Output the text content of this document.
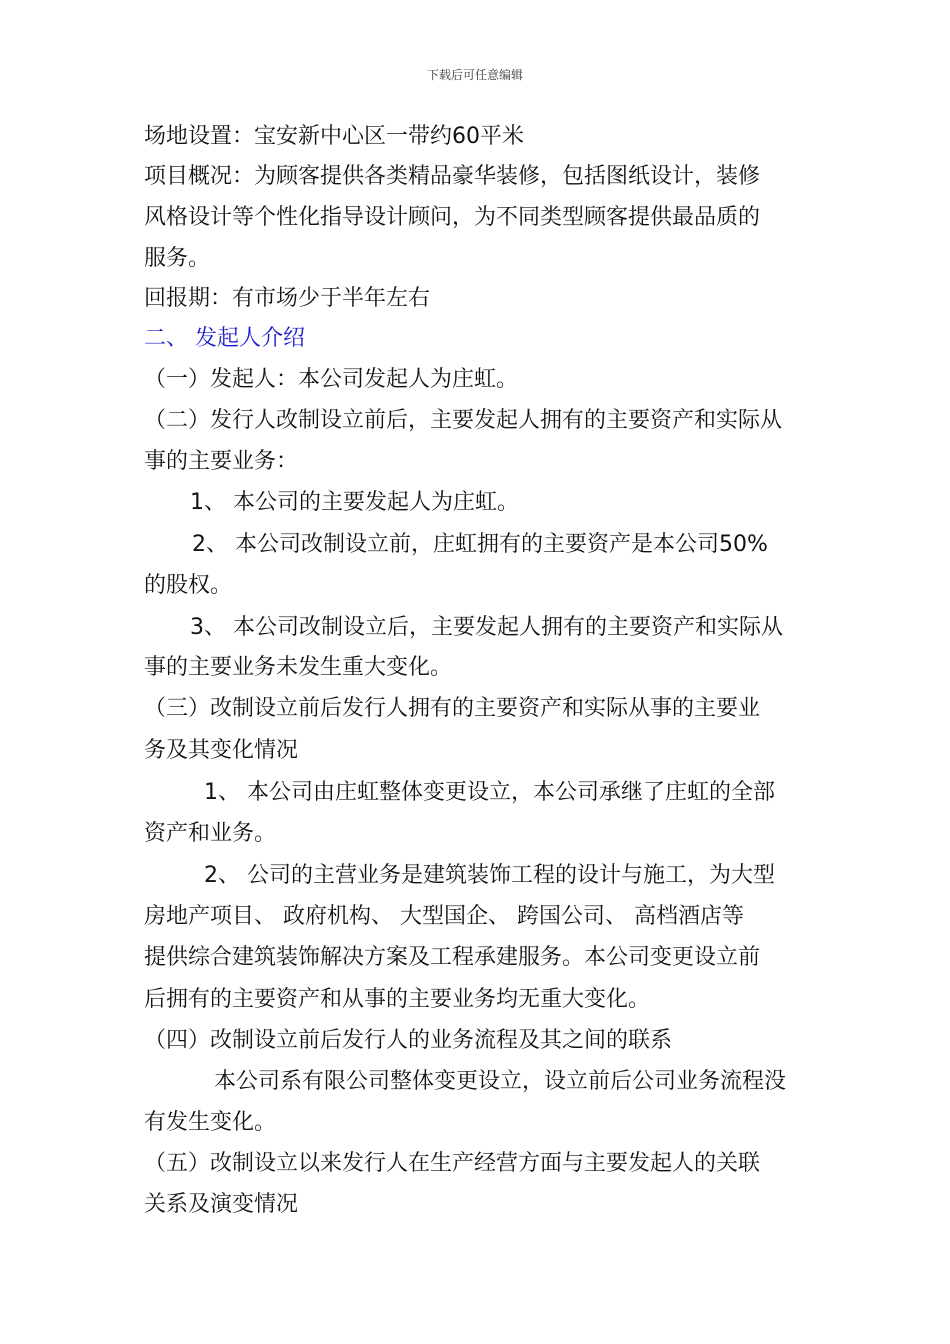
下载后可任意编辑
场地设置：宝安新中心区一带约60平米
项目概况：为顾客提供各类精品豪华装修，包括图纸设计，装修
风格设计等个性化指导设计顾问，为不同类型顾客提供最品质的
服务。
回报期：有市场少于半年左右
二、 发起人介绍
（一）发起人：本公司发起人为庄虹。
（二）发行人改制设立前后，主要发起人拥有的主要资产和实际从
事的主要业务：
1、 本公司的主要发起人为庄虹。
2、 本公司改制设立前，庄虹拥有的主要资产是本公司50%
的股权。
3、 本公司改制设立后，主要发起人拥有的主要资产和实际从
事的主要业务未发生重大变化。
（三）改制设立前后发行人拥有的主要资产和实际从事的主要业
务及其变化情况
1、 本公司由庄虹整体变更设立，本公司承继了庄虹的全部
资产和业务。
2、 公司的主营业务是建筑装饰工程的设计与施工，为大型
房地产项目、 政府机构、 大型国企、 跨国公司、 高档酒店等
提供综合建筑装饰解决方案及工程承建服务。本公司变更设立前
后拥有的主要资产和从事的主要业务均无重大变化。
（四）改制设立前后发行人的业务流程及其之间的联系
本公司系有限公司整体变更设立，设立前后公司业务流程没
有发生变化。
（五）改制设立以来发行人在生产经营方面与主要发起人的关联
关系及演变情况
